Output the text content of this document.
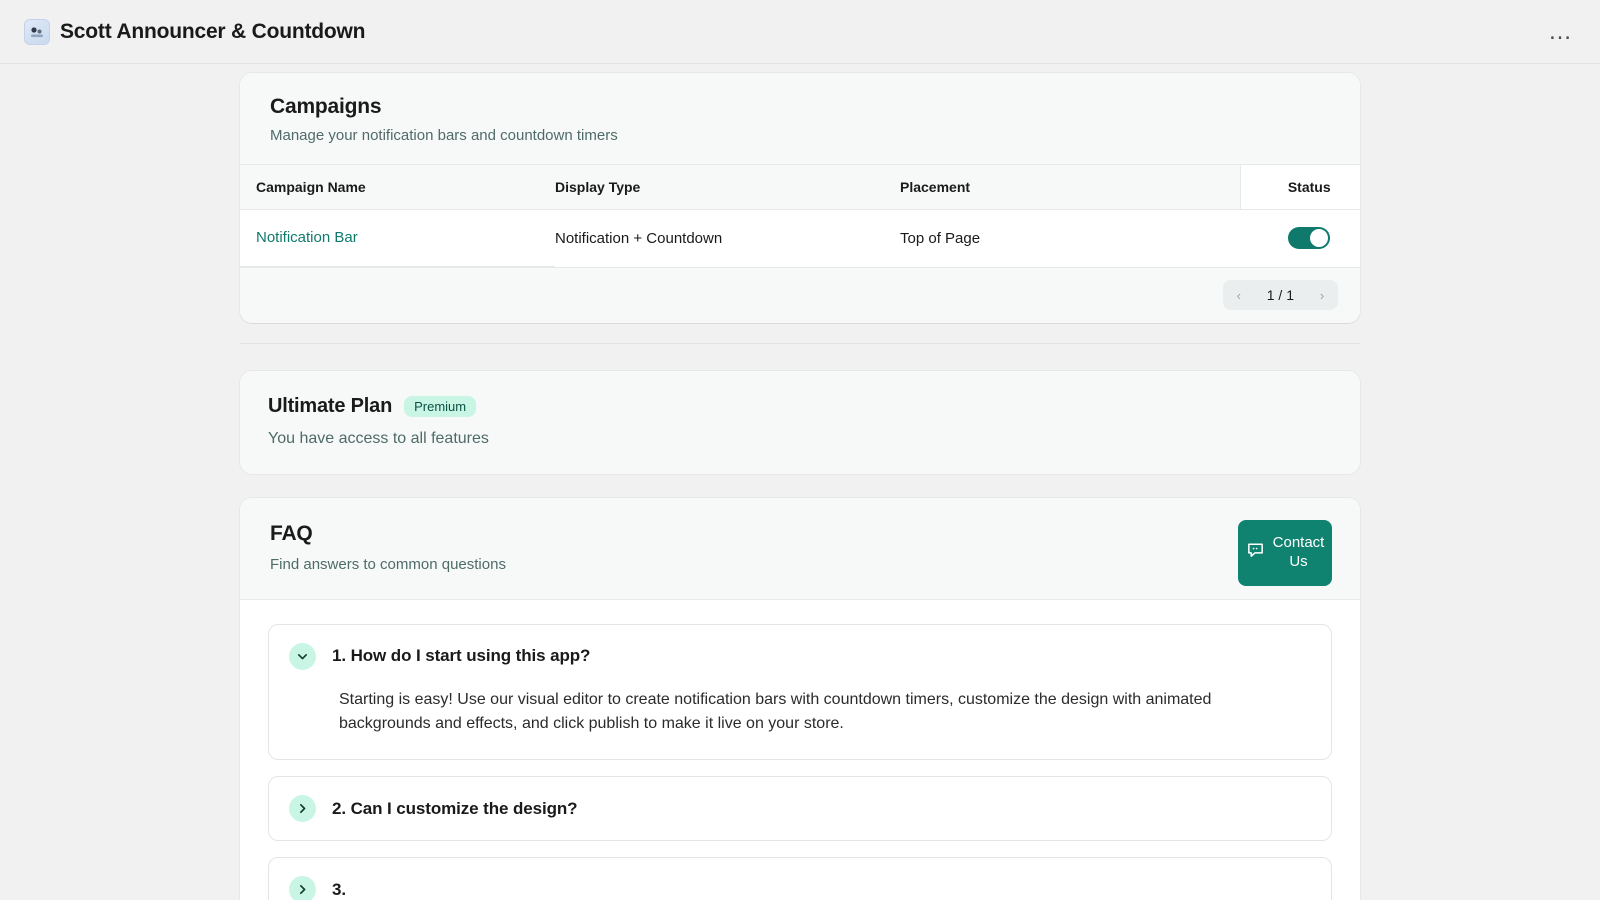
Scott Announcer & Countdown	…
Campaigns

Manage your notification bars and countdown timers

Campaign Name	Display Type	Placement	Status
Notification Bar	Notification + Countdown	Top of Page	
‹	1 / 1	›
Ultimate Plan	Premium
You have access to all features
FAQ
Find answers to common questions
Contact Us
1. How do I start using this app?
Starting is easy! Use our visual editor to create notification bars with countdown timers, customize the design with animated backgrounds and effects, and click publish to make it live on your store.
2. Can I customize the design?
3.
